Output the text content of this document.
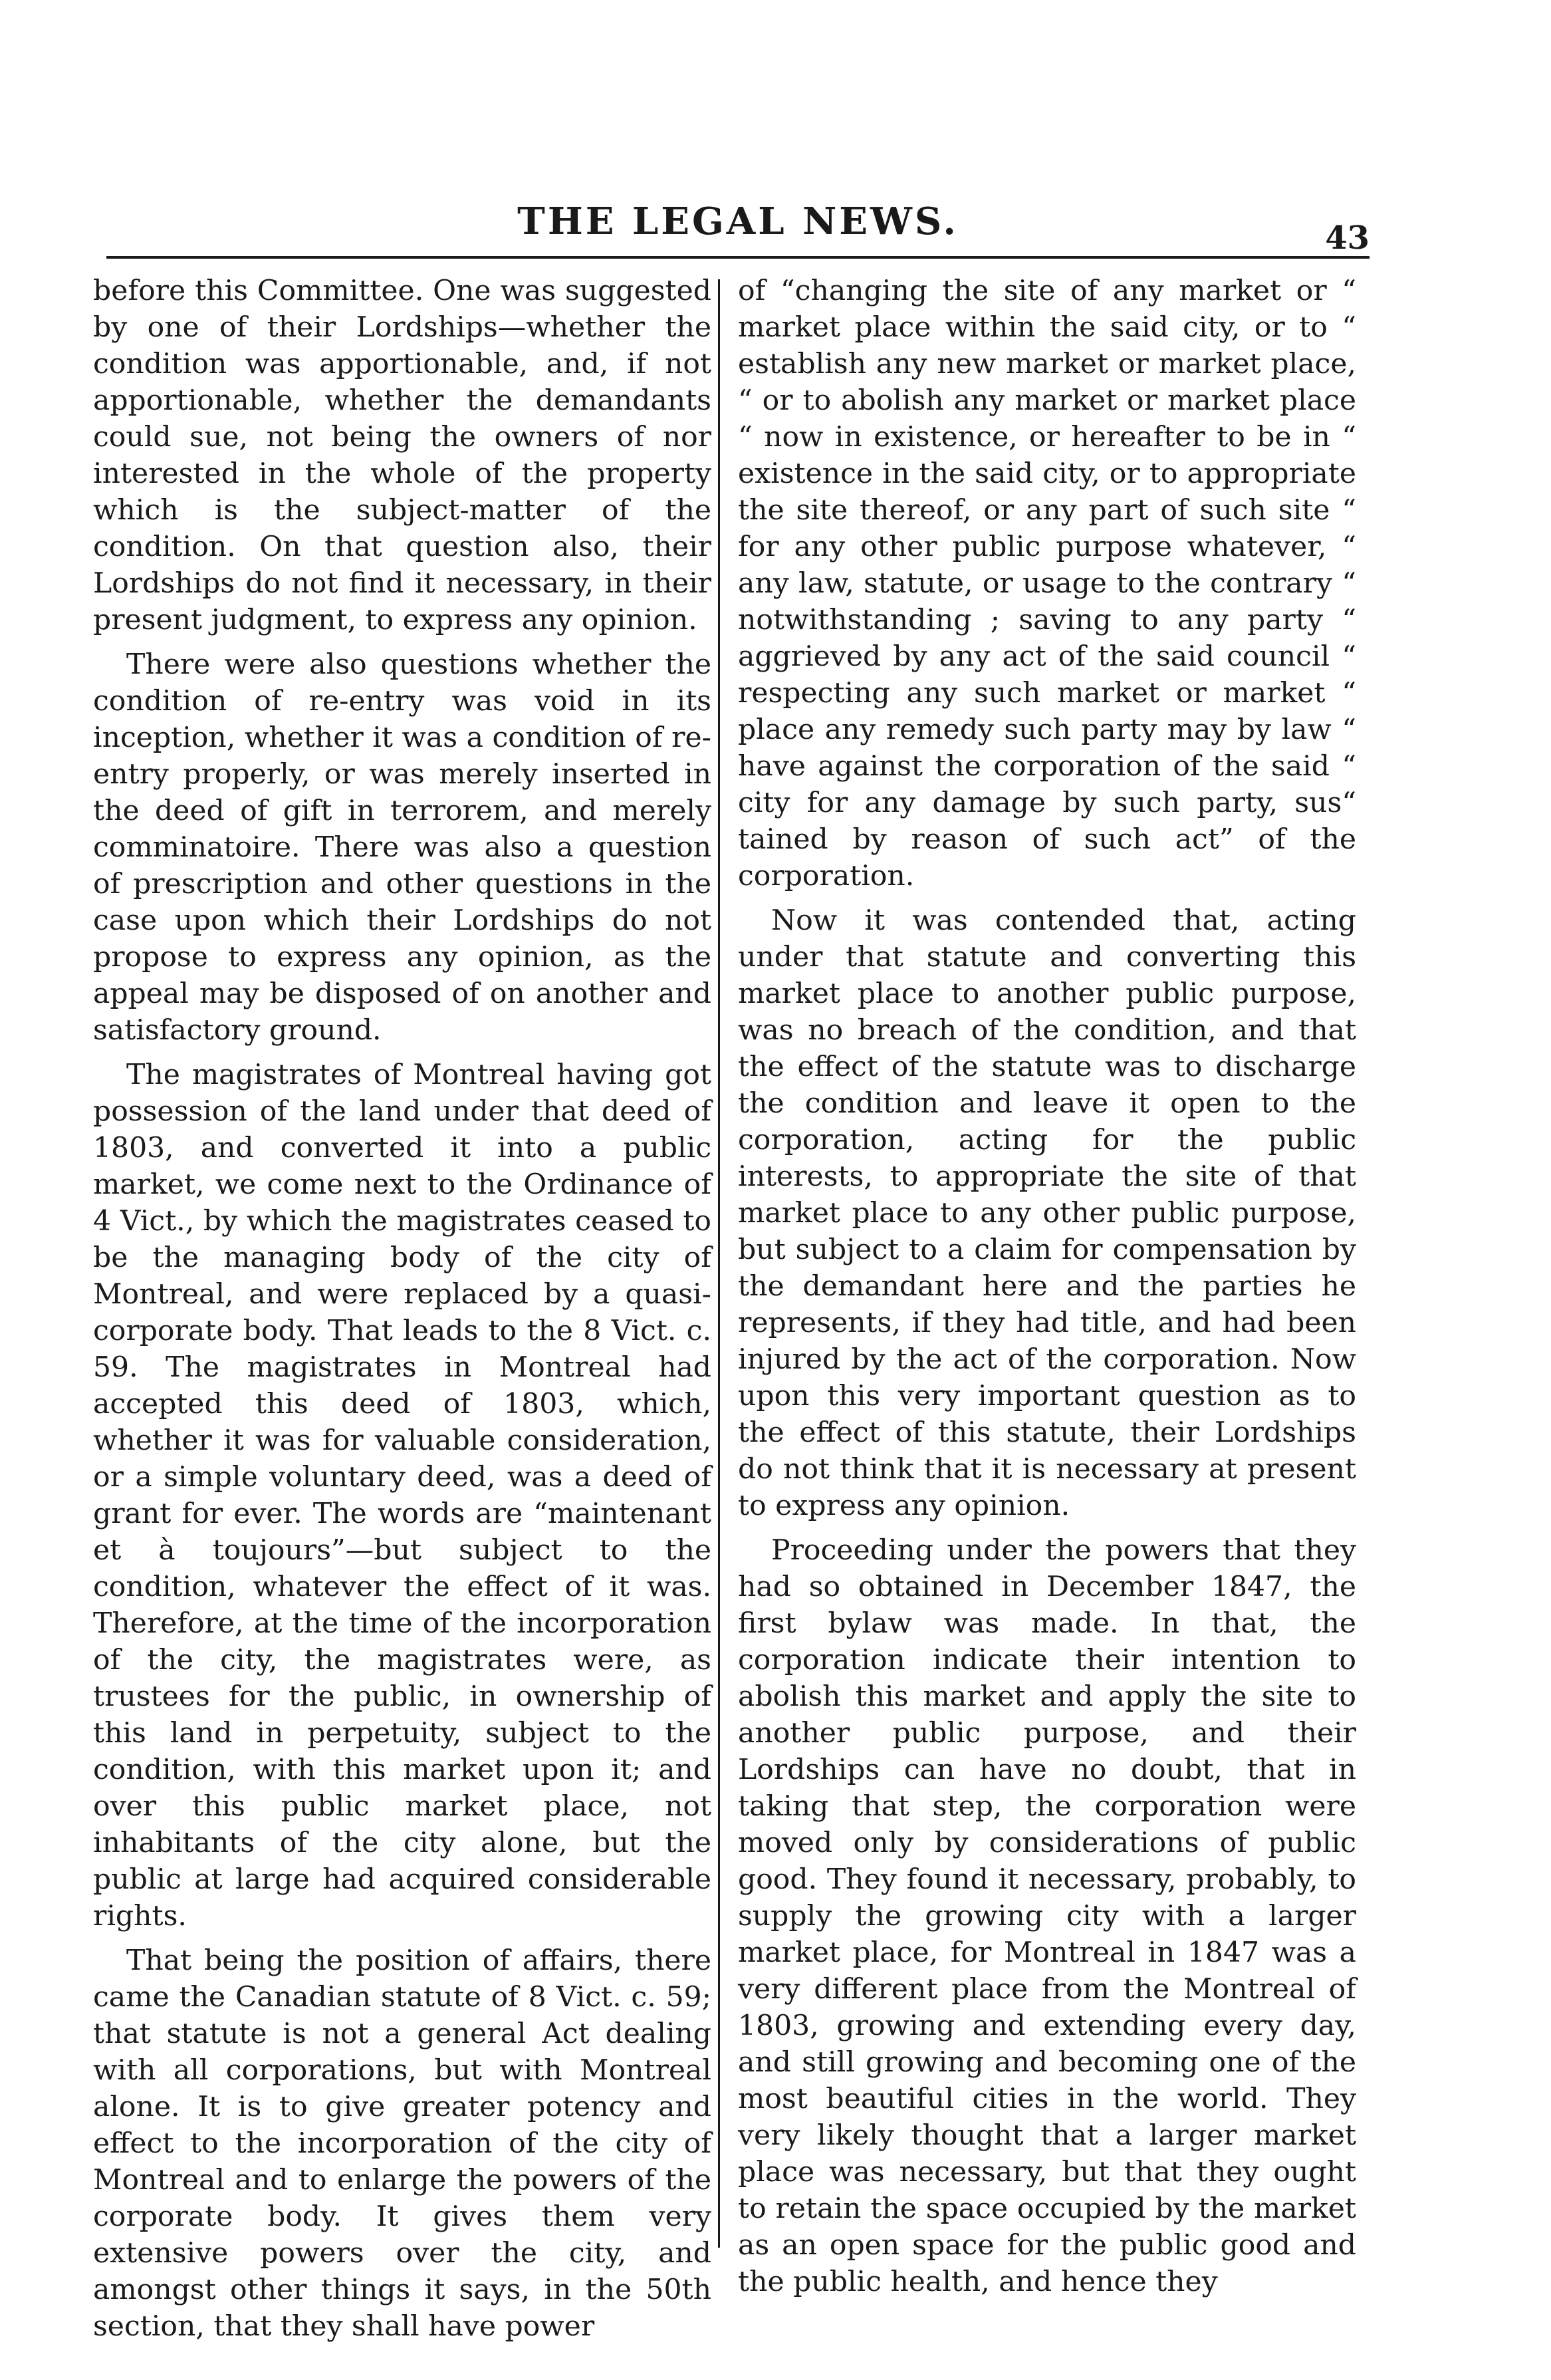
THE LEGAL NEWS.	43

before this Committee. One was suggested by one of their Lordships—whether the condition was apportionable, and, if not apportionable, whether the demandants could sue, not being the owners of nor interested in the whole of the property which is the subject-matter of the condition. On that question also, their Lordships do not find it necessary, in their present judgment, to express any opinion.

There were also questions whether the condition of re-entry was void in its inception, whether it was a condition of re-entry properly, or was merely inserted in the deed of gift in terrorem, and merely comminatoire. There was also a question of prescription and other questions in the case upon which their Lordships do not propose to express any opinion, as the appeal may be disposed of on another and satisfactory ground.

The magistrates of Montreal having got possession of the land under that deed of 1803, and converted it into a public market, we come next to the Ordinance of 4 Vict., by which the magistrates ceased to be the managing body of the city of Montreal, and were replaced by a quasi-corporate body. That leads to the 8 Vict. c. 59. The magistrates in Montreal had accepted this deed of 1803, which, whether it was for valuable consideration, or a simple voluntary deed, was a deed of grant for ever. The words are “maintenant et à toujours”—but subject to the condition, whatever the effect of it was. Therefore, at the time of the incorporation of the city, the magistrates were, as trustees for the public, in ownership of this land in perpetuity, subject to the condition, with this market upon it; and over this public market place, not inhabitants of the city alone, but the public at large had acquired considerable rights.

That being the position of affairs, there came the Canadian statute of 8 Vict. c. 59; that statute is not a general Act dealing with all corporations, but with Montreal alone. It is to give greater potency and effect to the incorporation of the city of Montreal and to enlarge the powers of the corporate body. It gives them very extensive powers over the city, and amongst other things it says, in the 50th section, that they shall have power

of “changing the site of any market or “ market place within the said city, or to “ establish any new market or market place, “ or to abolish any market or market place “ now in existence, or hereafter to be in “ existence in the said city, or to appropriate the site thereof, or any part of such site “ for any other public purpose whatever, “ any law, statute, or usage to the contrary “ notwithstanding ; saving to any party “ aggrieved by any act of the said council “ respecting any such market or market “ place any remedy such party may by law “ have against the corporation of the said “ city for any damage by such party, sus“ tained by reason of such act” of the corporation.

Now it was contended that, acting under that statute and converting this market place to another public purpose, was no breach of the condition, and that the effect of the statute was to discharge the condition and leave it open to the corporation, acting for the public interests, to appropriate the site of that market place to any other public purpose, but subject to a claim for compensation by the demandant here and the parties he represents, if they had title, and had been injured by the act of the corporation. Now upon this very important question as to the effect of this statute, their Lordships do not think that it is necessary at present to express any opinion.

Proceeding under the powers that they had so obtained in December 1847, the first bylaw was made. In that, the corporation indicate their intention to abolish this market and apply the site to another public purpose, and their Lordships can have no doubt, that in taking that step, the corporation were moved only by considerations of public good. They found it necessary, probably, to supply the growing city with a larger market place, for Montreal in 1847 was a very different place from the Montreal of 1803, growing and extending every day, and still growing and becoming one of the most beautiful cities in the world. They very likely thought that a larger market place was necessary, but that they ought to retain the space occupied by the market as an open space for the public good and the public health, and hence they
